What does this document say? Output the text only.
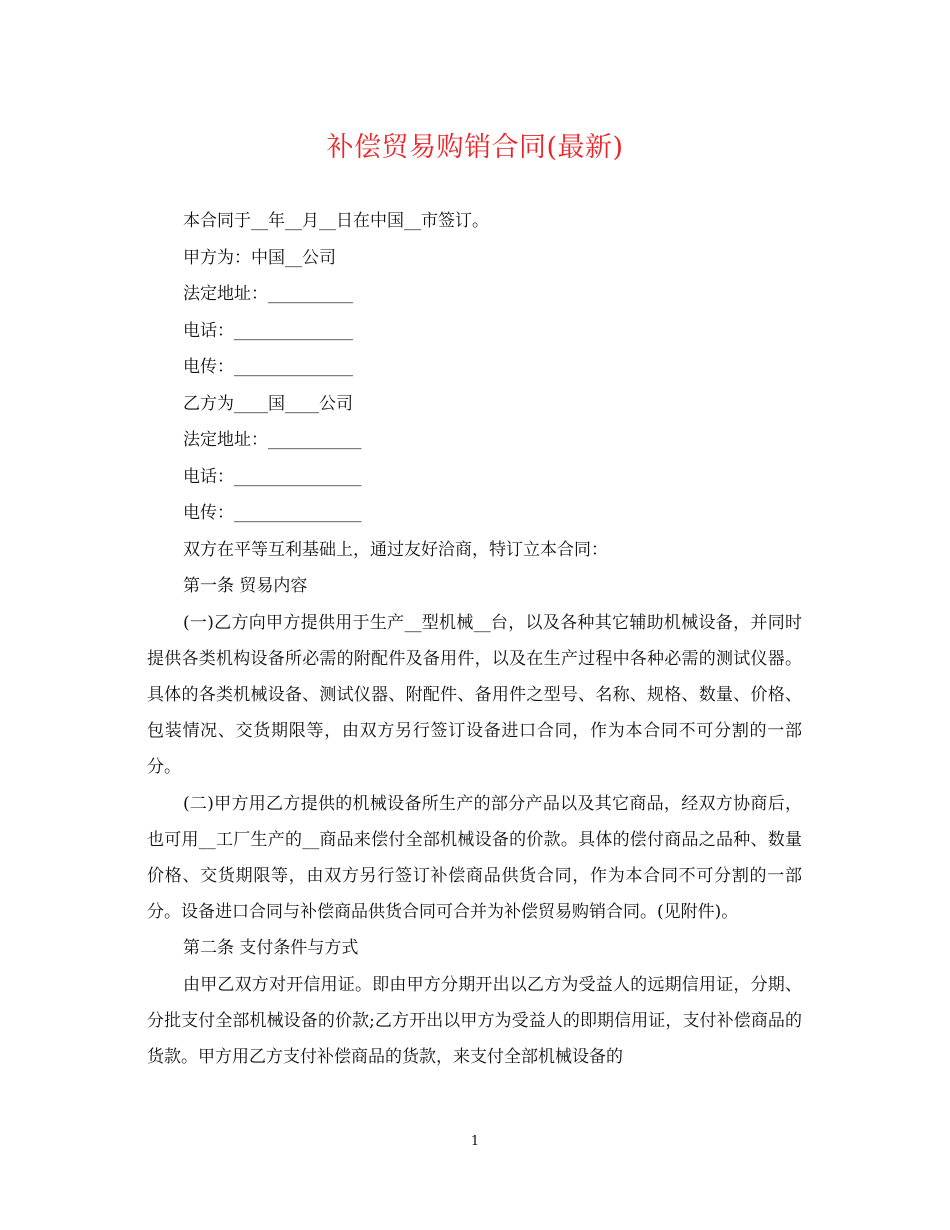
补偿贸易购销合同(最新)
本合同于__年__月__日在中国__市签订。
甲方为：中国__公司
法定地址：__________
电话：______________
电传：______________
乙方为____国____公司
法定地址：___________
电话：_______________
电传：_______________
双方在平等互利基础上，通过友好洽商，特订立本合同：
第一条 贸易内容

(一)乙方向甲方提供用于生产__型机械__台，以及各种其它辅助机械设备，并同时提供各类机构设备所必需的附配件及备用件，以及在生产过程中各种必需的测试仪器。具体的各类机械设备、测试仪器、附配件、备用件之型号、名称、规格、数量、价格、包装情况、交货期限等，由双方另行签订设备进口合同，作为本合同不可分割的一部分。

(二)甲方用乙方提供的机械设备所生产的部分产品以及其它商品，经双方协商后，也可用__工厂生产的__商品来偿付全部机械设备的价款。具体的偿付商品之品种、数量价格、交货期限等，由双方另行签订补偿商品供货合同，作为本合同不可分割的一部分。设备进口合同与补偿商品供货合同可合并为补偿贸易购销合同。(见附件)。

第二条 支付条件与方式

由甲乙双方对开信用证。即由甲方分期开出以乙方为受益人的远期信用证，分期、分批支付全部机械设备的价款;乙方开出以甲方为受益人的即期信用证，支付补偿商品的货款。甲方用乙方支付补偿商品的货款，来支付全部机械设备的

1
